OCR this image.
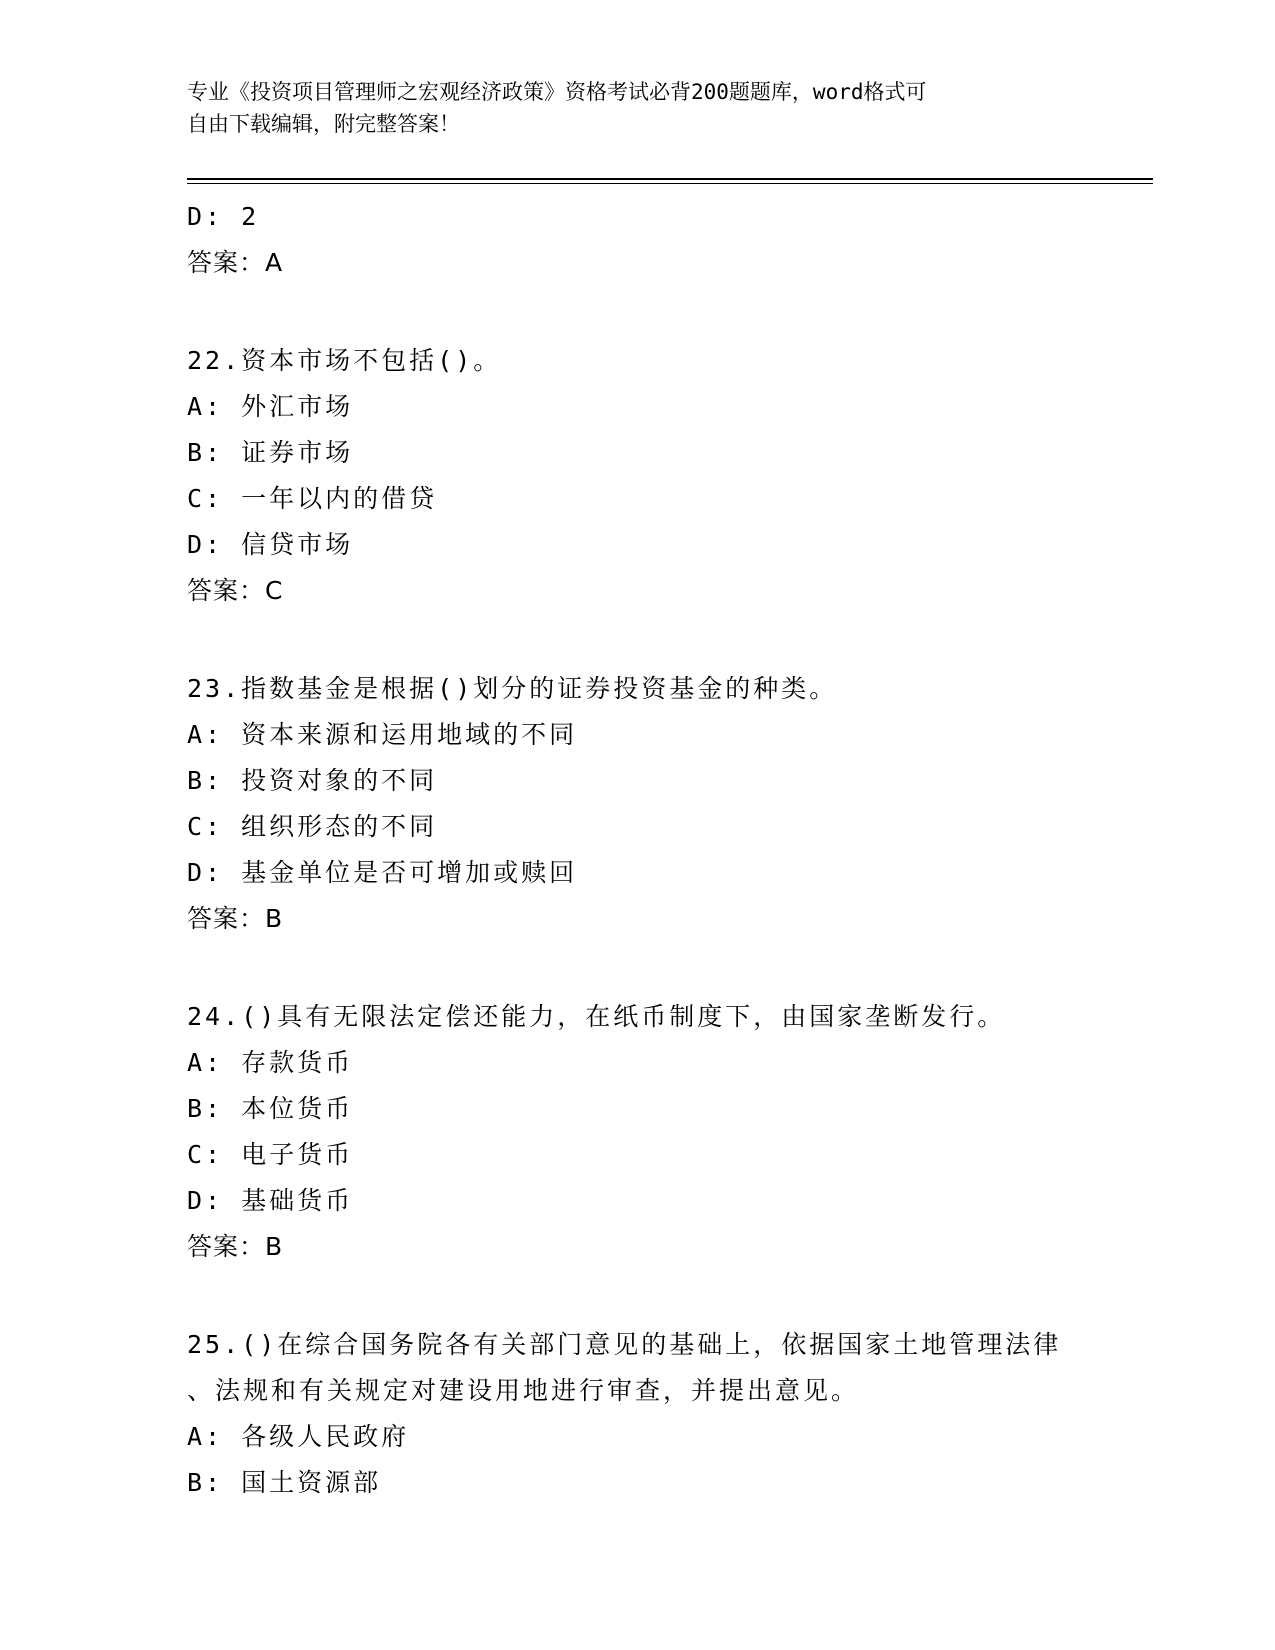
专业《投资项目管理师之宏观经济政策》资格考试必背200题题库，word格式可
自由下载编辑，附完整答案！
D: 2
答案：A
22.资本市场不包括()。
A: 外汇市场
B: 证券市场
C: 一年以内的借贷
D: 信贷市场
答案：C
23.指数基金是根据()划分的证券投资基金的种类。
A: 资本来源和运用地域的不同
B: 投资对象的不同
C: 组织形态的不同
D: 基金单位是否可增加或赎回
答案：B
24.()具有无限法定偿还能力，在纸币制度下，由国家垄断发行。
A: 存款货币
B: 本位货币
C: 电子货币
D: 基础货币
答案：B
25.()在综合国务院各有关部门意见的基础上，依据国家土地管理法律
、法规和有关规定对建设用地进行审查，并提出意见。
A: 各级人民政府
B: 国土资源部
